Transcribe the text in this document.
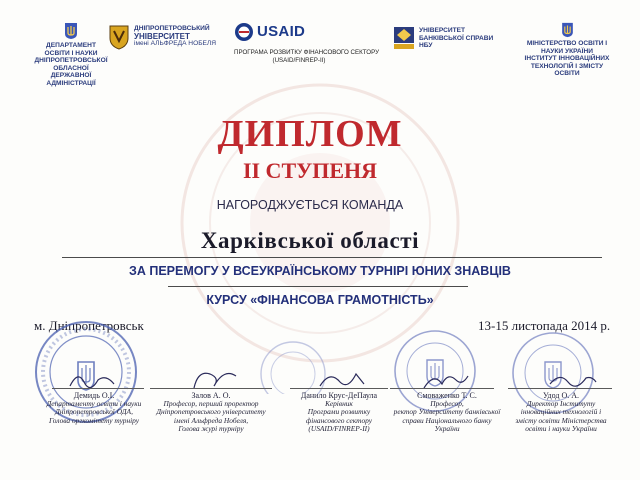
ДЕПАРТАМЕНТ
ОСВІТИ І НАУКИ
ДНІПРОПЕТРОВСЬКОЇ
ОБЛАСНОЇ ДЕРЖАВНОЇ
АДМІНІСТРАЦІЇ
ДНІПРОПЕТРОВСЬКИЙ
УНІВЕРСИТЕТ
імені АЛЬФРЕДА НОБЕЛЯ
USAID
ПРОГРАМА РОЗВИТКУ ФІНАНСОВОГО СЕКТОРУ
(USAID/FINREP-II)
УНІВЕРСИТЕТ
БАНКІВСЬКОЇ СПРАВИ
НБУ	МІНІСТЕРСТВО ОСВІТИ І
НАУКИ УКРАЇНИ
ІНСТИТУТ ІННОВАЦІЙНИХ
ТЕХНОЛОГІЙ І ЗМІСТУ
ОСВІТИ
ДИПЛОМ
ІІ СТУПЕНЯ
НАГОРОДЖУЄТЬСЯ КОМАНДА
Харківської області
ЗА ПЕРЕМОГУ У ВСЕУКРАЇНСЬКОМУ ТУРНІРІ ЮНИХ ЗНАВЦІВ
КУРСУ «ФІНАНСОВА ГРАМОТНІСТЬ»
м. Дніпропетровськ	13-15 листопада 2014 р.
Демидь О.І.
Департаменту освіти і науки
Дніпропетровської ОДА,
Голова оргкомітету турніру
Залов А. О.
Професор, перший проректор
Дніпропетровського університету
імені Альфреда Нобеля,
Голова журі турніру
Данило Крус-ДеПаула
Керівник
Програми розвитку
фінансового сектору
(USAID/FINREP-II)
Смоваженко Т. С.
Професор,
ректор Університету банківської
справи Національного банку
України
Удод О. А.
Директор Інституту
інноваційних технологій і
змісту освіти Міністерства
освіти і науки України
